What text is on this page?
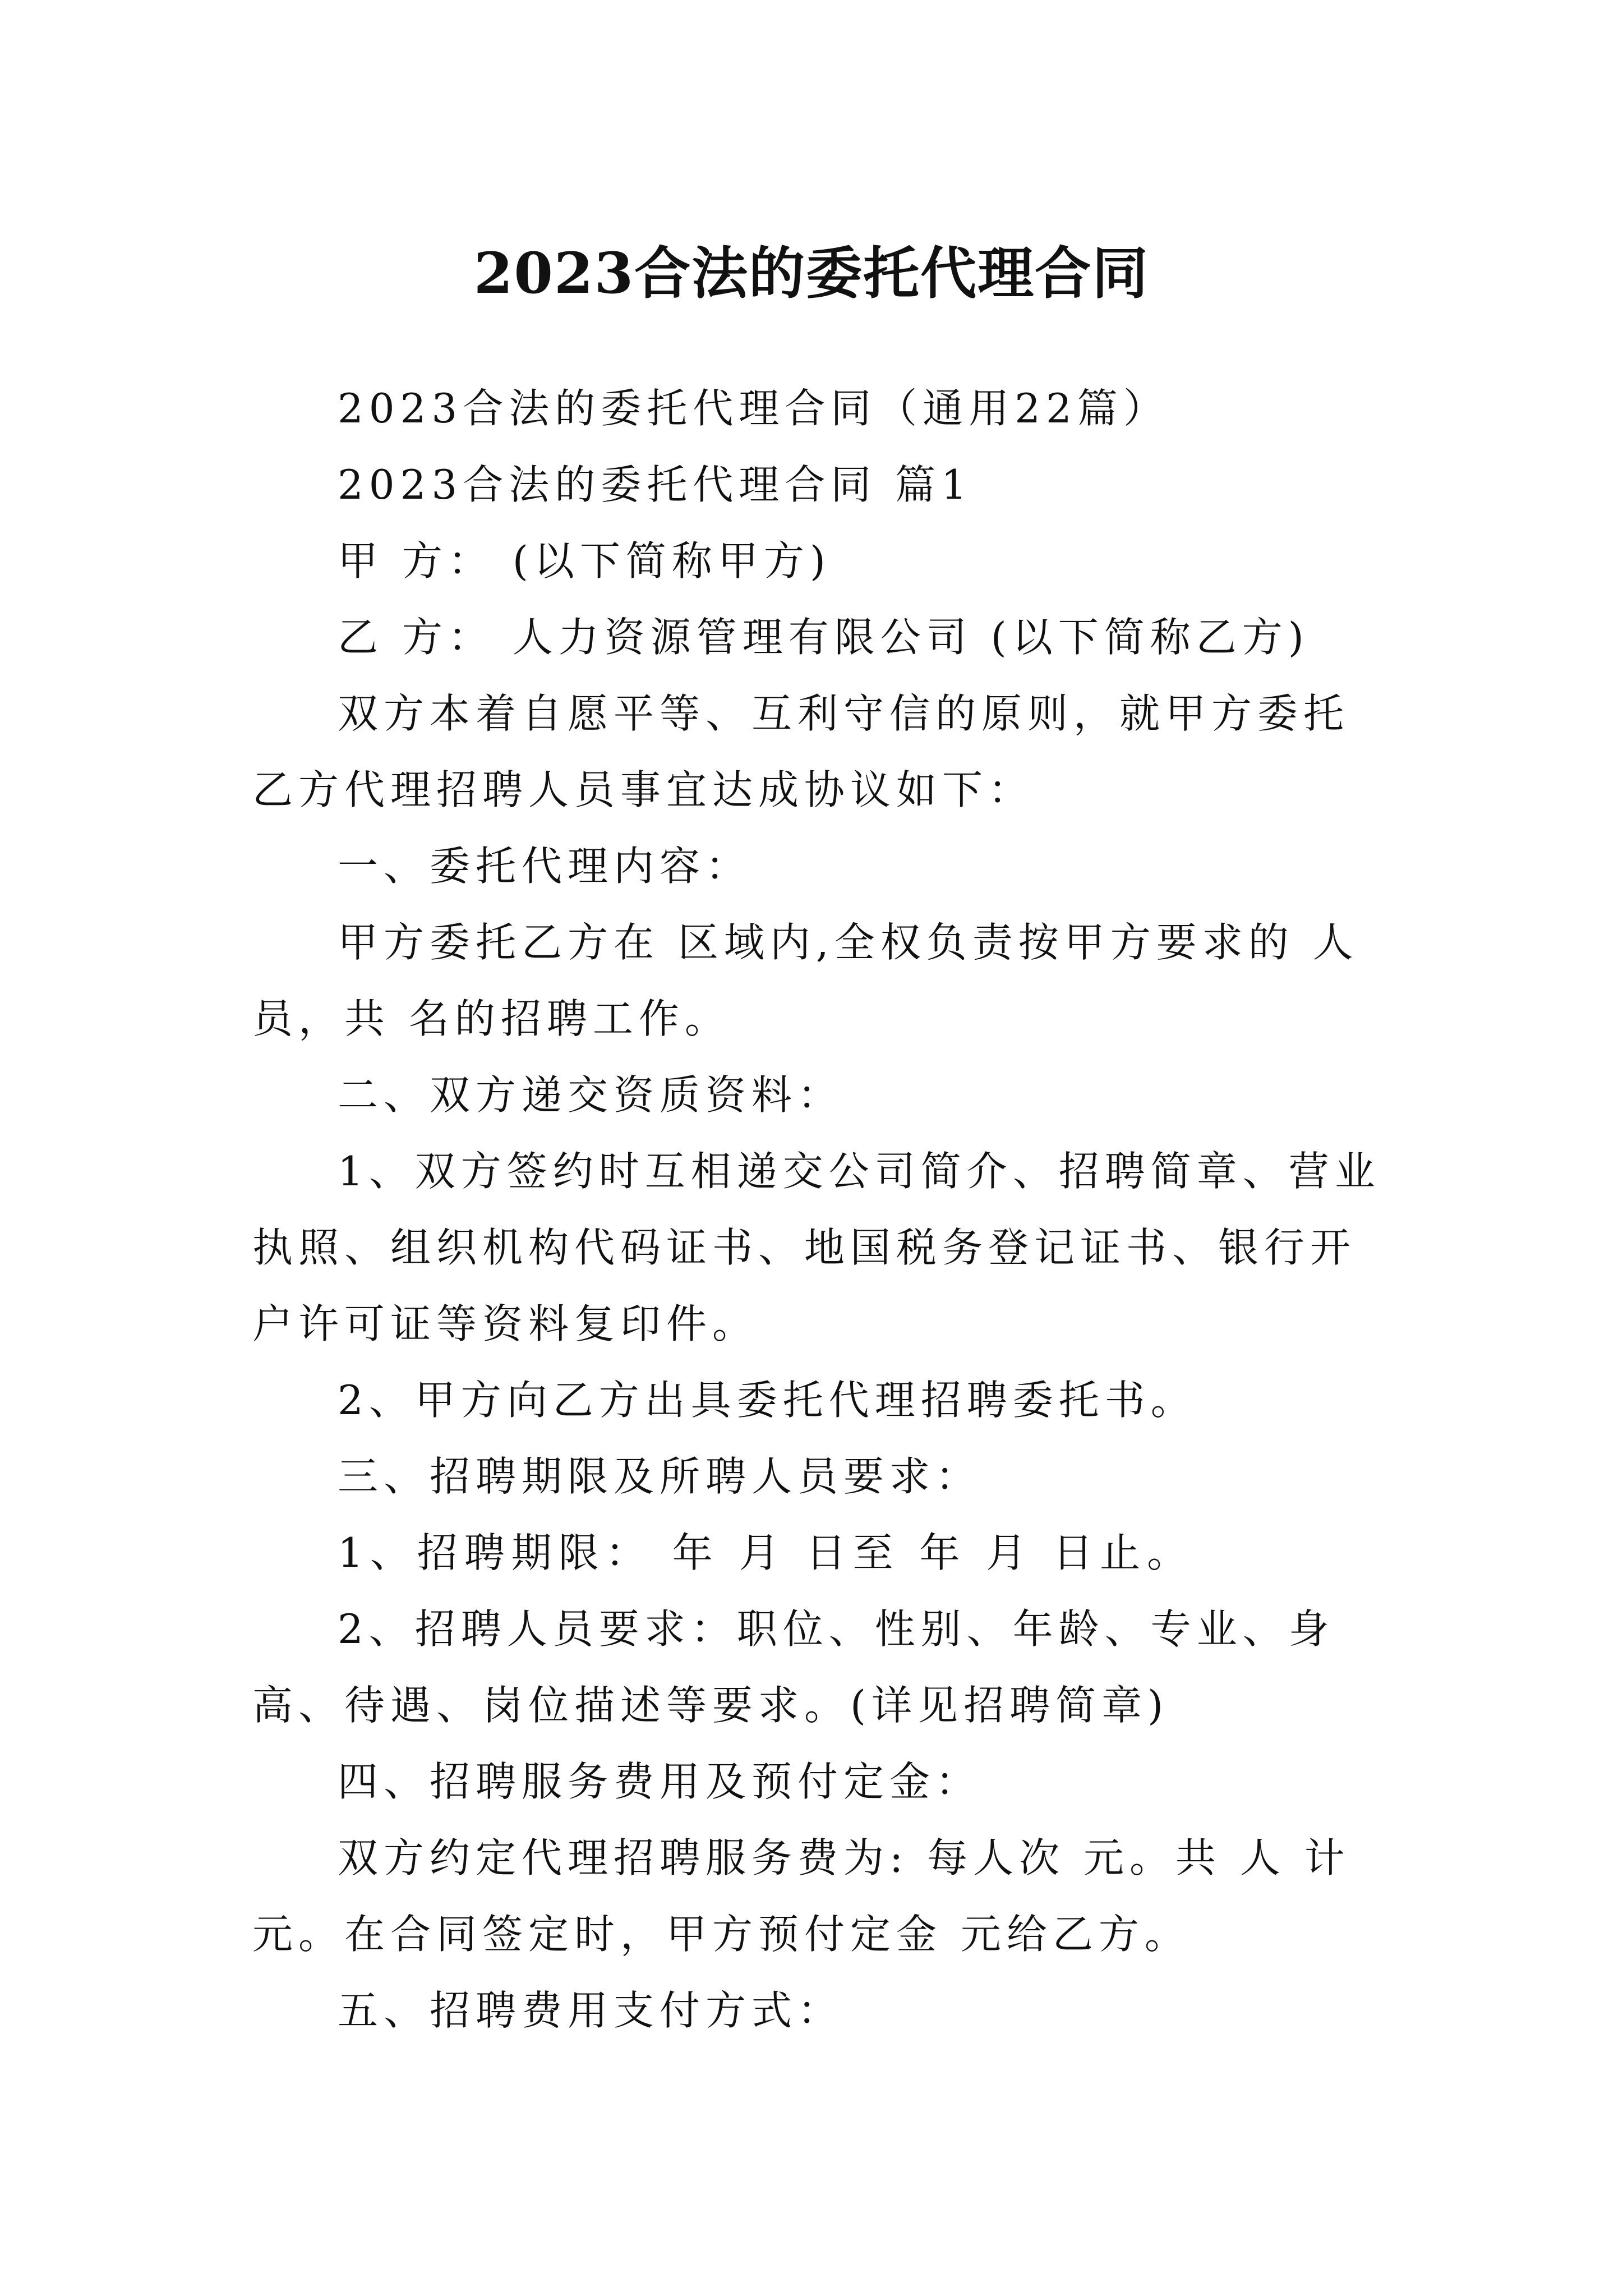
2023合法的委托代理合同

2023合法的委托代理合同（通用22篇）

2023合法的委托代理合同 篇1

甲 方： (以下简称甲方)

乙 方： 人力资源管理有限公司 (以下简称乙方)

双方本着自愿平等、互利守信的原则，就甲方委托乙方代理招聘人员事宜达成协议如下：

一、委托代理内容：

甲方委托乙方在 区域内,全权负责按甲方要求的 人员，共 名的招聘工作。

二、双方递交资质资料：

1、双方签约时互相递交公司简介、招聘简章、营业执照、组织机构代码证书、地国税务登记证书、银行开户许可证等资料复印件。

2、甲方向乙方出具委托代理招聘委托书。

三、招聘期限及所聘人员要求：

1、招聘期限： 年 月 日至 年 月 日止。

2、招聘人员要求：职位、性别、年龄、专业、身高、待遇、岗位描述等要求。(详见招聘简章)

四、招聘服务费用及预付定金：

双方约定代理招聘服务费为: 每人次 元。共 人 计 元。在合同签定时，甲方预付定金 元给乙方。

五、招聘费用支付方式：
